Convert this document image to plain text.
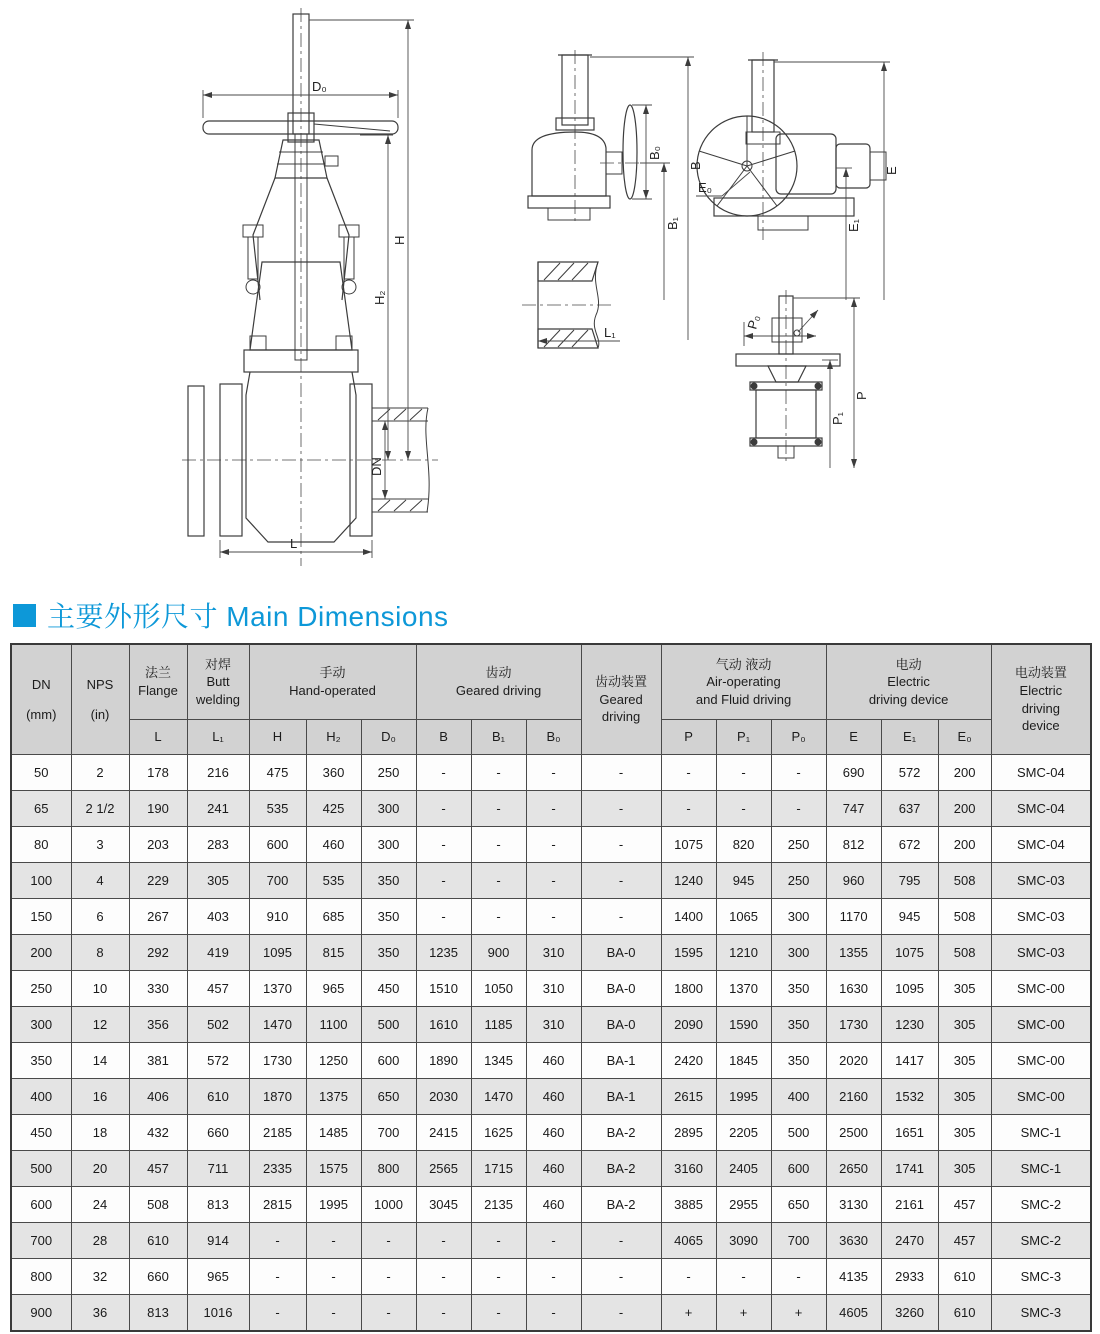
D₀
DN
L
H
H₂
B₀
B₁
B
E
E₁
E₀
L₁
P₀
P
P₁
主要外形尺寸 Main Dimensions
DN
(mm)

NPS
(in)

法兰
Flange

对焊
Butt
welding

手动
Hand-operated

齿动
Geared driving

齿动装置
Geared
driving

气动 液动
Air-operating
and Fluid driving

电动
Electric
driving device

电动装置
Electric
driving
device

		L	L₁	H	H₂	D₀	B	B₁	B₀		P	P₁	P₀	E	E₁	E₀	
50	2	178	216	475	360	250	-	-	-	-	-	-	-	690	572	200	SMC-04
65	2 1/2	190	241	535	425	300	-	-	-	-	-	-	-	747	637	200	SMC-04
80	3	203	283	600	460	300	-	-	-	-	1075	820	250	812	672	200	SMC-04
100	4	229	305	700	535	350	-	-	-	-	1240	945	250	960	795	508	SMC-03
150	6	267	403	910	685	350	-	-	-	-	1400	1065	300	1170	945	508	SMC-03
200	8	292	419	1095	815	350	1235	900	310	BA-0	1595	1210	300	1355	1075	508	SMC-03
250	10	330	457	1370	965	450	1510	1050	310	BA-0	1800	1370	350	1630	1095	305	SMC-00
300	12	356	502	1470	1100	500	1610	1185	310	BA-0	2090	1590	350	1730	1230	305	SMC-00
350	14	381	572	1730	1250	600	1890	1345	460	BA-1	2420	1845	350	2020	1417	305	SMC-00
400	16	406	610	1870	1375	650	2030	1470	460	BA-1	2615	1995	400	2160	1532	305	SMC-00
450	18	432	660	2185	1485	700	2415	1625	460	BA-2	2895	2205	500	2500	1651	305	SMC-1
500	20	457	711	2335	1575	800	2565	1715	460	BA-2	3160	2405	600	2650	1741	305	SMC-1
600	24	508	813	2815	1995	1000	3045	2135	460	BA-2	3885	2955	650	3130	2161	457	SMC-2
700	28	610	914	-	-	-	-	-	-	-	4065	3090	700	3630	2470	457	SMC-2
800	32	660	965	-	-	-	-	-	-	-	-	-	-	4135	2933	610	SMC-3
900	36	813	1016	-	-	-	-	-	-	-	+	+	+	4605	3260	610	SMC-3
